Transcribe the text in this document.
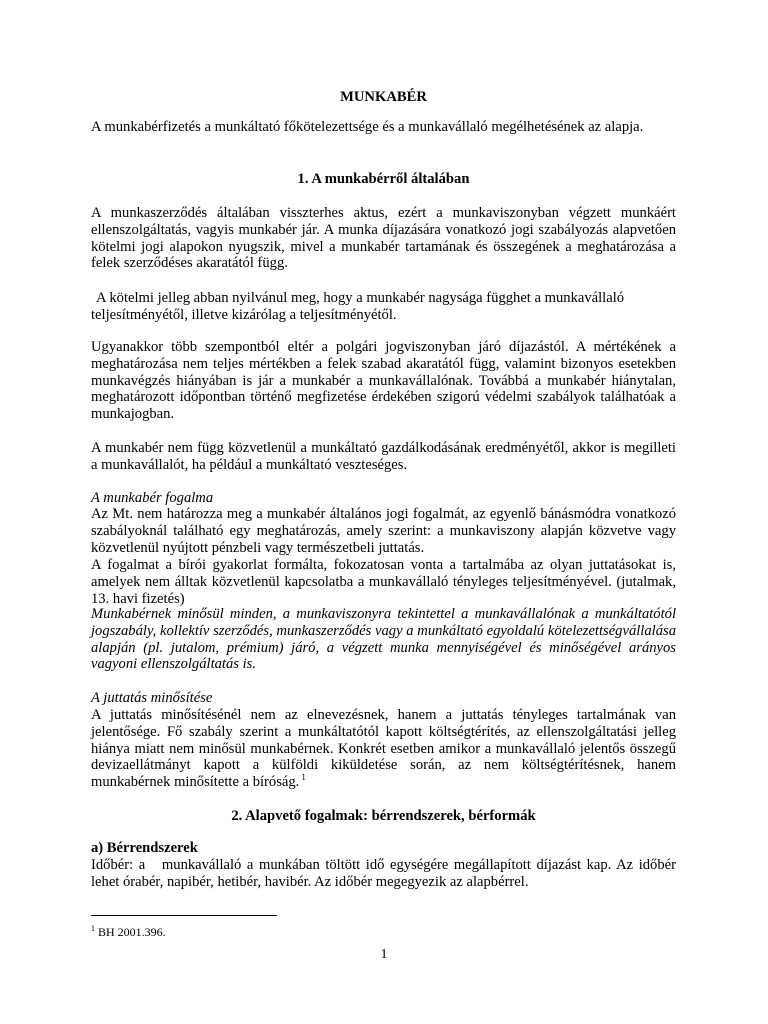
MUNKABÉR

A munkabérfizetés a munkáltató főkötelezettsége és a munkavállaló megélhetésének az alapja.

1. A munkabérről általában

A munkaszerződés általában visszterhes aktus, ezért a munkaviszonyban végzett munkáért ellenszolgáltatás, vagyis munkabér jár. A munka díjazására vonatkozó jogi szabályozás alapvetően kötelmi jogi alapokon nyugszik, mivel a munkabér tartamának és összegének a meghatározása a felek szerződéses akaratától függ.

A kötelmi jelleg abban nyilvánul meg, hogy a munkabér nagysága függhet a munkavállaló teljesítményétől, illetve kizárólag a teljesítményétől.

Ugyanakkor több szempontból eltér a polgári jogviszonyban járó díjazástól. A mértékének a meghatározása nem teljes mértékben a felek szabad akaratától függ, valamint bizonyos esetekben munkavégzés hiányában is jár a munkabér a munkavállalónak. Továbbá a munkabér hiánytalan, meghatározott időpontban történő megfizetése érdekében szigorú védelmi szabályok találhatóak a munkajogban.

A munkabér nem függ közvetlenül a munkáltató gazdálkodásának eredményétől, akkor is megilleti a munkavállalót, ha például a munkáltató veszteséges.

A munkabér fogalma

Az Mt. nem határozza meg a munkabér általános jogi fogalmát, az egyenlő bánásmódra vonatkozó szabályoknál található egy meghatározás, amely szerint: a munkaviszony alapján közvetve vagy közvetlenül nyújtott pénzbeli vagy természetbeli juttatás.

A fogalmat a bírói gyakorlat formálta, fokozatosan vonta a tartalmába az olyan juttatásokat is, amelyek nem álltak közvetlenül kapcsolatba a munkavállaló tényleges teljesítményével. (jutalmak, 13. havi fizetés)

Munkabérnek minősül minden, a munkaviszonyra tekintettel a munkavállalónak a munkáltatótól jogszabály, kollektív szerződés, munkaszerződés vagy a munkáltató egyoldalú kötelezettségvállalása alapján (pl. jutalom, prémium) járó, a végzett munka mennyiségével és minőségével arányos vagyoni ellenszolgáltatás is.

A juttatás minősítése

A juttatás minősítésénél nem az elnevezésnek, hanem a juttatás tényleges tartalmának van jelentősége. Fő szabály szerint a munkáltatótól kapott költségtérítés, az ellenszolgáltatási jelleg hiánya miatt nem minősül munkabérnek. Konkrét esetben amikor a munkavállaló jelentős összegű devizaellátmányt kapott a külföldi kiküldetése során, az nem költségtérítésnek, hanem munkabérnek minősítette a bíróság. $^1$

2. Alapvető fogalmak: bérrendszerek, bérformák

a) Bérrendszerek

Időbér: a   munkavállaló a munkában töltött idő egységére megállapított díjazást kap. Az időbér lehet órabér, napibér, hetibér, havibér. Az időbér megegyezik az alapbérrel.

$^1$ BH 2001.396.

1
